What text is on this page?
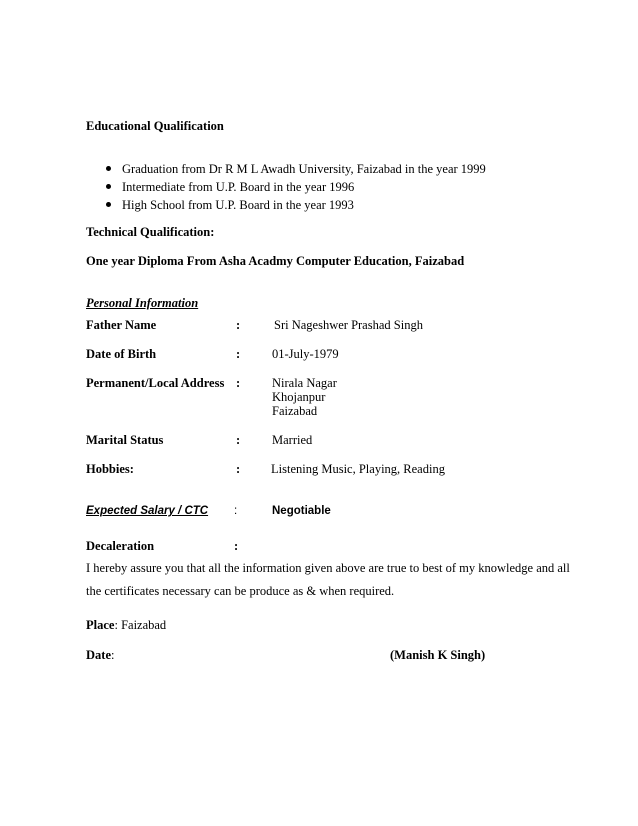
Educational Qualification
Graduation from Dr R M L Awadh University, Faizabad in the year 1999
Intermediate from U.P. Board in the year 1996
High School from U.P. Board in the year 1993
Technical Qualification:
One year Diploma From Asha Acadmy Computer Education, Faizabad
Personal Information
Father Name	:	Sri Nageshwer Prashad Singh
Date of Birth	:	01-July-1979
Permanent/Local Address :	Nirala Nagar
Khojanpur
Faizabad
Marital Status	:	Married
Hobbies:	: Listening Music, Playing, Reading
Expected Salary / CTC :	Negotiable
Decaleration	:
I hereby assure you that all the information given above are true to best of my knowledge and all the certificates necessary can be produce as & when required.
Place: Faizabad
Date:	(Manish K Singh)
